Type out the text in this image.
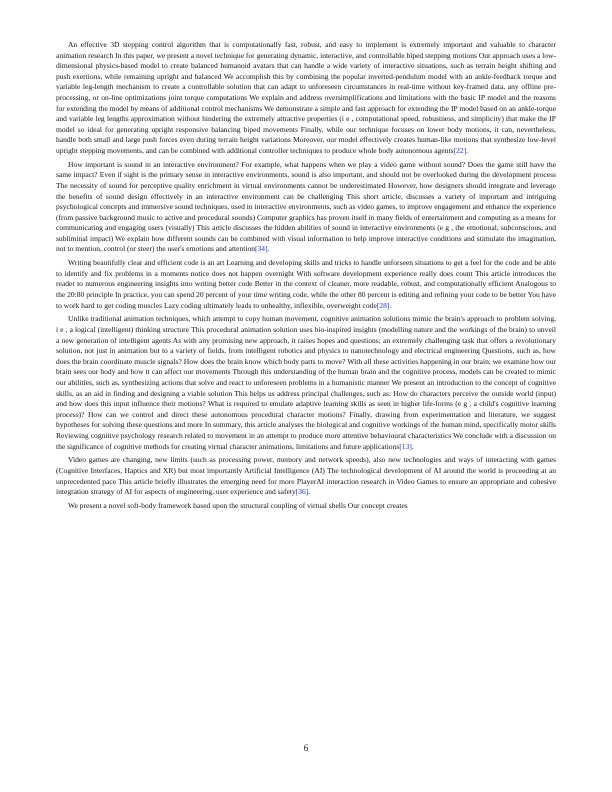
An effective 3D stepping control algorithm that is computationally fast, robust, and easy to implement is extremely important and valuable to character animation research In this paper, we present a novel technique for generating dynamic, interactive, and controllable biped stepping motions Our approach uses a low-dimensional physics-based model to create balanced humanoid avatars that can handle a wide variety of interactive situations, such as terrain height shifting and push exertions, while remaining upright and balanced We accomplish this by combining the popular inverted-pendulum model with an ankle-feedback torque and variable leg-length mechanism to create a controllable solution that can adapt to unforeseen circumstances in real-time without key-framed data, any offline pre-processing, or on-line optimizations joint torque computations We explain and address oversimplifications and limitations with the basic IP model and the reasons for extending the model by means of additional control mechanisms We demonstrate a simple and fast approach for extending the IP model based on an ankle-torque and variable leg lengths approximation without hindering the extremely attractive properties (i e , computational speed, robustness, and simplicity) that make the IP model so ideal for generating upright responsive balancing biped movements Finally, while our technique focuses on lower body motions, it can, nevertheless, handle both small and large push forces even during terrain height variations Moreover, our model effectively creates human-like motions that synthesize low-level upright stepping movements, and can be combined with additional controller techniques to produce whole body autonomous agents[22].

How important is sound in an interactive environment? For example, what happens when we play a video game without sound? Does the game still have the same impact? Even if sight is the primary sense in interactive environments, sound is also important, and should not be overlooked during the development process The necessity of sound for perceptive quality enrichment in virtual environments cannot be underestimated However, how designers should integrate and leverage the benefits of sound design effectively in an interactive environment can be challenging This short article, discusses a variety of important and intriguing psychological concepts and immersive sound techniques, used in interactive environments, such as video games, to improve engagement and enhance the experience (from passive background music to active and procedural sounds) Computer graphics has proven itself in many fields of entertainment and computing as a means for communicating and engaging users (visually) This article discusses the hidden abilities of sound in interactive environments (e g , the emotional, subconscious, and subliminal impact) We explain how different sounds can be combined with visual information to help improve interactive conditions and stimulate the imagination, not to mention, control (or steer) the user's emotions and attention[34].

Writing beautifully clear and efficient code is an art Learning and developing skills and tricks to handle unforseen situations to get a feel for the code and be able to identify and fix problems in a moments notice does not happen overnight With software development experience really does count This article introduces the reader to numerous engineering insights into writing better code Better in the context of cleaner, more readable, robust, and computationally efficient Analogous to the 20:80 principle In practice, you can spend 20 percent of your time writing code, while the other 80 percent is editing and refining your code to be better You have to work hard to get coding muscles Lazy coding ultimately leads to unhealthy, inflexible, overweight code[28].

Unlike traditional animation techniques, which attempt to copy human movement, cognitive animation solutions mimic the brain's approach to problem solving, i e , a logical (intelligent) thinking structure This procedural animation solution uses bio-inspired insights (modelling nature and the workings of the brain) to unveil a new generation of intelligent agents As with any promising new approach, it raises hopes and questions; an extremely challenging task that offers a revolutionary solution, not just in animation but to a variety of fields, from intelligent robotics and physics to nanotechnology and electrical engineering Questions, such as, how does the brain coordinate muscle signals? How does the brain know which body parts to move? With all these activities happening in our brain, we examine how our brain sees our body and how it can affect our movements Through this understanding of the human brain and the cognitive process, models can be created to mimic our abilities, such as, synthesizing actions that solve and react to unforeseen problems in a humanistic manner We present an introduction to the concept of cognitive skills, as an aid in finding and designing a viable solution This helps us address principal challenges, such as: How do characters perceive the outside world (input) and how does this input influence their motions? What is required to emulate adaptive learning skills as seen in higher life-forms (e g , a child's cognitive learning process)? How can we control and direct these autonomous procedural character motions? Finally, drawing from experimentation and literature, we suggest hypotheses for solving these questions and more In summary, this article analyses the biological and cognitive workings of the human mind, specifically motor skills Reviewing cognitive psychology research related to movement in an attempt to produce more attentive behavioural characteristics We conclude with a discussion on the significance of cognitive methods for creating virtual character animations, limitations and future applications[13].

Video games are changing, new limits (such as processing power, memory and network speeds), also new technologies and ways of interacting with games (Cognitive Interfaces, Haptics and XR) but most importantly Artificial Intelligence (AI) The technological development of AI around the world is proceeding at an unprecedented pace This article briefly illustrates the emerging need for more PlayerAI interaction research in Video Games to ensure an appropriate and cohesive integration strategy of AI for aspects of engineering, user experience and safety[36].

We present a novel soft-body framework based upon the structural coupling of virtual shells Our concept creates

6
